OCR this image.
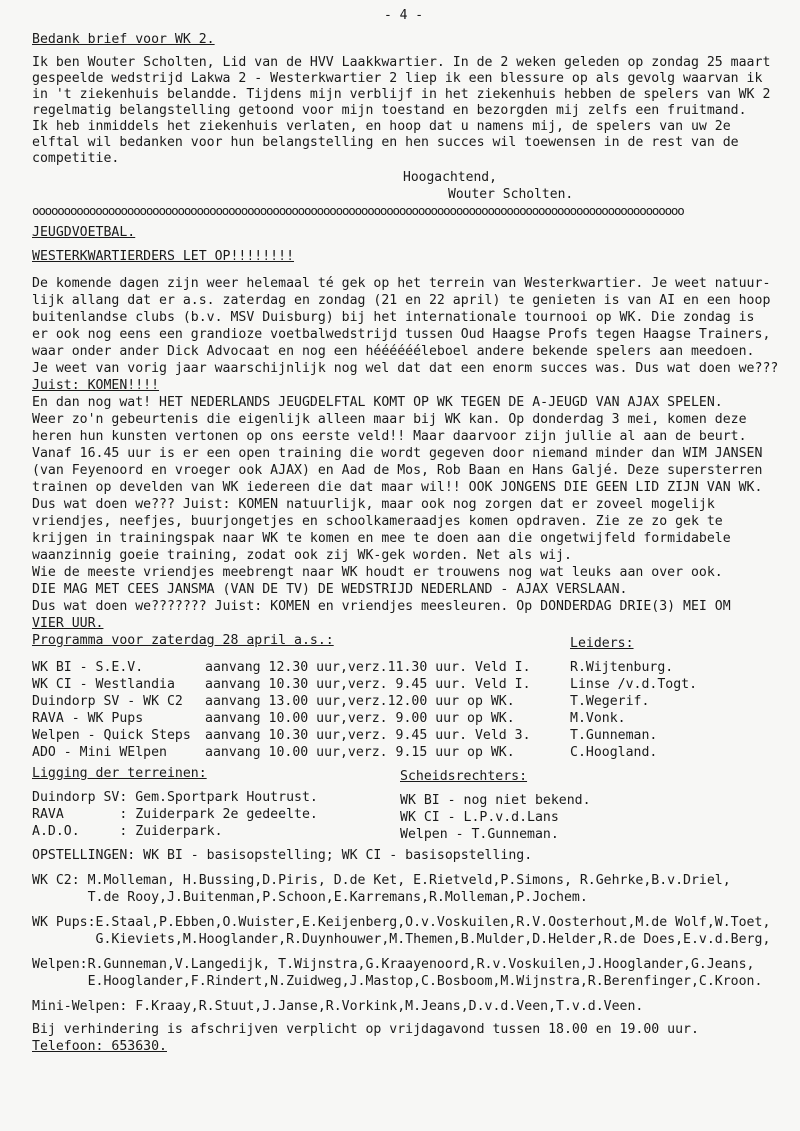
- 4 -
Bedank brief voor WK 2.
Ik ben Wouter Scholten, Lid van de HVV Laakkwartier. In de 2 weken geleden op zondag 25 maart
gespeelde wedstrijd Lakwa 2 - Westerkwartier 2 liep ik een blessure op als gevolg waarvan ik
in 't ziekenhuis belandde. Tijdens mijn verblijf in het ziekenhuis hebben de spelers van WK 2
regelmatig belangstelling getoond voor mijn toestand en bezorgden mij zelfs een fruitmand.
Ik heb inmiddels het ziekenhuis verlaten, en hoop dat u namens mij, de spelers van uw 2e
elftal wil bedanken voor hun belangstelling en hen succes wil toewensen in de rest van de
competitie.
Hoogachtend,
Wouter Scholten.
ooooooooooooooooooooooooooooooooooooooooooooooooooooooooooooooooooooooooooooooooooooooooooooooooooooooo
JEUGDVOETBAL.
WESTERKWARTIERDERS LET OP!!!!!!!!
De komende dagen zijn weer helemaal té gek op het terrein van Westerkwartier. Je weet natuur-
lijk allang dat er a.s. zaterdag en zondag (21 en 22 april) te genieten is van AI en een hoop
buitenlandse clubs (b.v. MSV Duisburg) bij het internationale tournooi op WK. Die zondag is
er ook nog eens een grandioze voetbalwedstrijd tussen Oud Haagse Profs tegen Haagse Trainers,
waar onder ander Dick Advocaat en nog een hééééééleboel andere bekende spelers aan meedoen.
Je weet van vorig jaar waarschijnlijk nog wel dat dat een enorm succes was. Dus wat doen we???
Juist: KOMEN!!!!
En dan nog wat! HET NEDERLANDS JEUGDELFTAL KOMT OP WK TEGEN DE A-JEUGD VAN AJAX SPELEN.
Weer zo'n gebeurtenis die eigenlijk alleen maar bij WK kan. Op donderdag 3 mei, komen deze
heren hun kunsten vertonen op ons eerste veld!! Maar daarvoor zijn jullie al aan de beurt.
Vanaf 16.45 uur is er een open training die wordt gegeven door niemand minder dan WIM JANSEN
(van Feyenoord en vroeger ook AJAX) en Aad de Mos, Rob Baan en Hans Galjé. Deze supersterren
trainen op develden van WK iedereen die dat maar wil!! OOK JONGENS DIE GEEN LID ZIJN VAN WK.
Dus wat doen we??? Juist: KOMEN natuurlijk, maar ook nog zorgen dat er zoveel mogelijk
vriendjes, neefjes, buurjongetjes en schoolkameraadjes komen opdraven. Zie ze zo gek te
krijgen in trainingspak naar WK te komen en mee te doen aan die ongetwijfeld formidabele
waanzinnig goeie training, zodat ook zij WK-gek worden. Net als wij.
Wie de meeste vriendjes meebrengt naar WK houdt er trouwens nog wat leuks aan over ook.
DIE MAG MET CEES JANSMA (VAN DE TV) DE WEDSTRIJD NEDERLAND - AJAX VERSLAAN.
Dus wat doen we??????? Juist: KOMEN en vriendjes meesleuren. Op DONDERDAG DRIE(3) MEI OM
VIER UUR.
Programma voor zaterdag 28 april a.s.:	Leiders:
WK BI - S.E.V.	aanvang 12.30 uur,verz.11.30 uur. Veld I.	R.Wijtenburg.
WK CI - Westlandia aanvang 10.30 uur,verz. 9.45 uur. Veld I.	Linse /v.d.Togt.
Duindorp SV - WK C2 aanvang 13.00 uur,verz.12.00 uur op WK.	T.Wegerif.
RAVA - WK Pups	aanvang 10.00 uur,verz. 9.00 uur op WK.	M.Vonk.
Welpen - Quick Steps aanvang 10.30 uur,verz. 9.45 uur. Veld 3.	T.Gunneman.
ADO - Mini WElpen	aanvang 10.00 uur,verz. 9.15 uur op WK.	C.Hoogland.
Ligging der terreinen:	Scheidsrechters:
Duindorp SV: Gem.Sportpark Houtrust.
RAVA       : Zuiderpark 2e gedeelte.
A.D.O.     : Zuiderpark.
WK BI - nog niet bekend.
WK CI - L.P.v.d.Lans
Welpen - T.Gunneman.
OPSTELLINGEN: WK BI - basisopstelling; WK CI - basisopstelling.
WK C2: M.Molleman, H.Bussing,D.Piris, D.de Ket, E.Rietveld,P.Simons, R.Gehrke,B.v.Driel,
T.de Rooy,J.Buitenman,P.Schoon,E.Karremans,R.Molleman,P.Jochem.
WK Pups:E.Staal,P.Ebben,O.Wuister,E.Keijenberg,O.v.Voskuilen,R.V.Oosterhout,M.de Wolf,W.Toet,
G.Kieviets,M.Hooglander,R.Duynhouwer,M.Themen,B.Mulder,D.Helder,R.de Does,E.v.d.Berg,
Welpen:R.Gunneman,V.Langedijk, T.Wijnstra,G.Kraayenoord,R.v.Voskuilen,J.Hooglander,G.Jeans,
E.Hooglander,F.Rindert,N.Zuidweg,J.Mastop,C.Bosboom,M.Wijnstra,R.Berenfinger,C.Kroon.
Mini-Welpen: F.Kraay,R.Stuut,J.Janse,R.Vorkink,M.Jeans,D.v.d.Veen,T.v.d.Veen.
Bij verhindering is afschrijven verplicht op vrijdagavond tussen 18.00 en 19.00 uur.
Telefoon: 653630.
